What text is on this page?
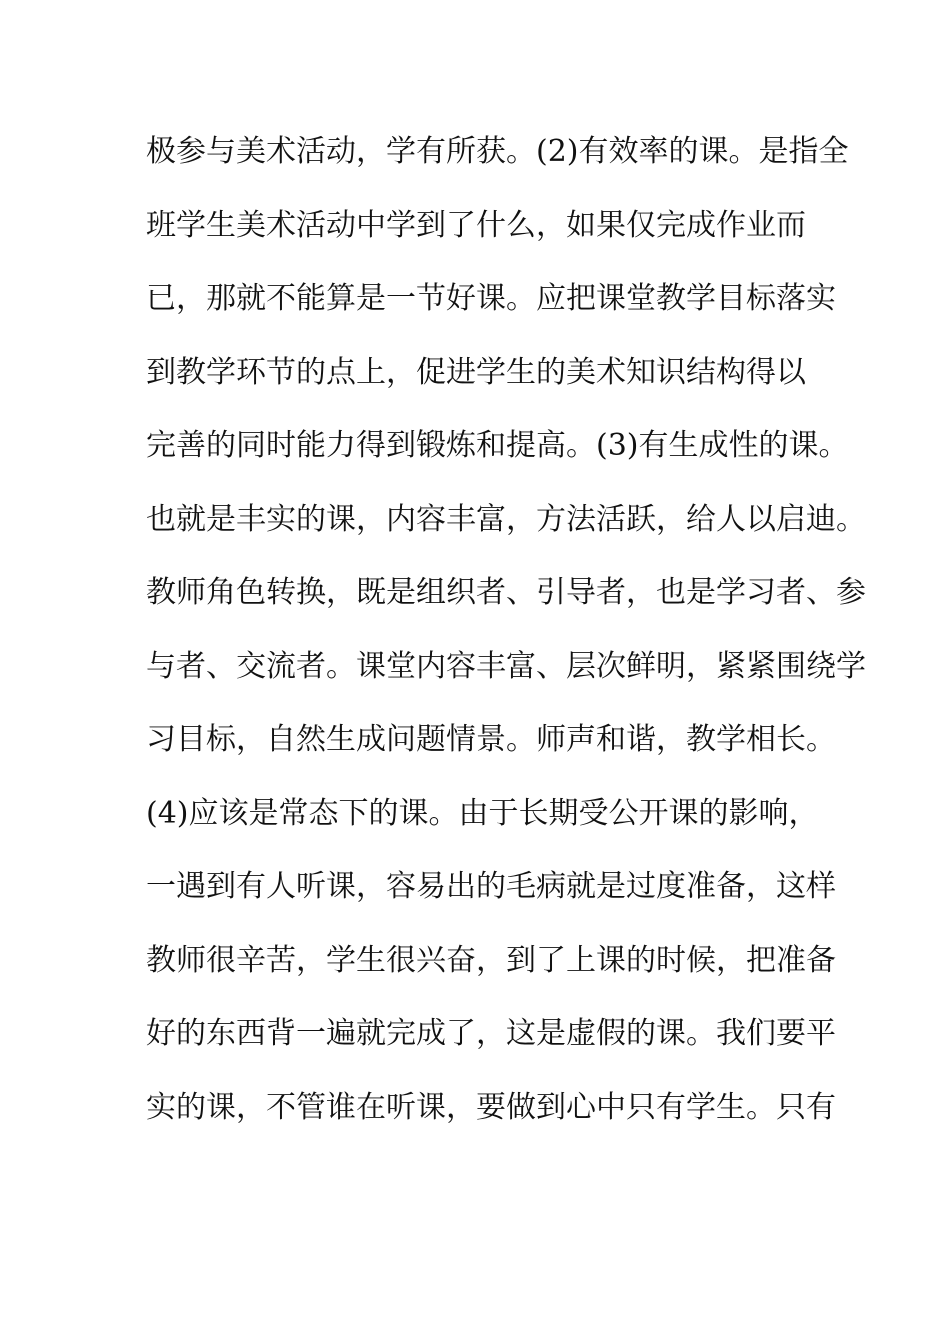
极参与美术活动，学有所获。(2)有效率的课。是指全
班学生美术活动中学到了什么，如果仅完成作业而
已，那就不能算是一节好课。应把课堂教学目标落实
到教学环节的点上，促进学生的美术知识结构得以
完善的同时能力得到锻炼和提高。(3)有生成性的课。
也就是丰实的课，内容丰富，方法活跃，给人以启迪。
教师角色转换，既是组织者、引导者，也是学习者、参
与者、交流者。课堂内容丰富、层次鲜明，紧紧围绕学
习目标，自然生成问题情景。师声和谐，教学相长。
(4)应该是常态下的课。由于长期受公开课的影响，
一遇到有人听课，容易出的毛病就是过度准备，这样
教师很辛苦，学生很兴奋，到了上课的时候，把准备
好的东西背一遍就完成了，这是虚假的课。我们要平
实的课，不管谁在听课，要做到心中只有学生。只有
